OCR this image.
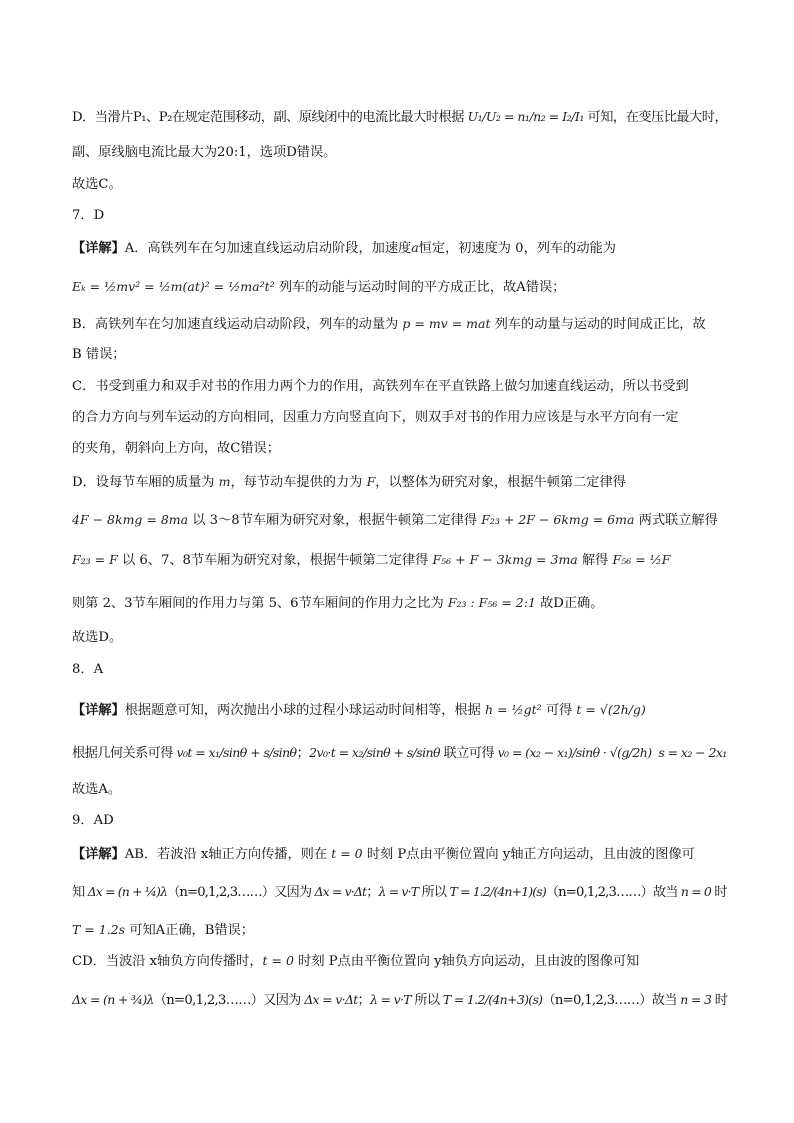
D．当滑片P₁、P₂在规定范围移动，副、原线闭中的电流比最大时根据 U₁/U₂ = n₁/n₂ = I₂/I₁ 可知，在变压比最大时，
副、原线脑电流比最大为20:1，选项D错误。
故选C。
7．D
【详解】A．高铁列车在匀加速直线运动启动阶段，加速度a恒定，初速度为 0，列车的动能为
Eₖ = ½mv² = ½m(at)² = ½ma²t² 列车的动能与运动时间的平方成正比，故A错误；
B．高铁列车在匀加速直线运动启动阶段，列车的动量为 p = mv = mat 列车的动量与运动的时间成正比，故
B 错误；
C．书受到重力和双手对书的作用力两个力的作用，高铁列车在平直铁路上做匀加速直线运动，所以书受到
的合力方向与列车运动的方向相同，因重力方向竖直向下，则双手对书的作用力应该是与水平方向有一定
的夹角，朝斜向上方向，故C错误；
D．设每节车厢的质量为 m，每节动车提供的力为 F，以整体为研究对象，根据牛顿第二定律得
4F − 8kmg = 8ma 以 3～8节车厢为研究对象，根据牛顿第二定律得 F₂₃ + 2F − 6kmg = 6ma 两式联立解得
F₂₃ = F 以 6、7、8节车厢为研究对象，根据牛顿第二定律得 F₅₆ + F − 3kmg = 3ma 解得 F₅₆ = ½F
则第 2、3节车厢间的作用力与第 5、6节车厢间的作用力之比为 F₂₃ : F₅₆ = 2:1 故D正确。
故选D。
8．A
【详解】根据题意可知，两次抛出小球的过程小球运动时间相等，根据 h = ½gt² 可得 t = √(2h/g)
根据几何关系可得 v₀t = x₁/sinθ + s/sinθ；2v₀·t = x₂/sinθ + s/sinθ 联立可得 v₀ = (x₂ − x₁)/sinθ · √(g/2h)  s = x₂ − 2x₁
故选A。
9．AD
【详解】AB．若波沿 x轴正方向传播，则在 t = 0 时刻 P点由平衡位置向 y轴正方向运动，且由波的图像可
知 Δx = (n + ¼)λ（n=0,1,2,3……）又因为 Δx = v·Δt；λ = v·T 所以 T = 1.2/(4n+1)(s)（n=0,1,2,3……）故当 n = 0 时
T = 1.2s 可知A正确，B错误；
CD．当波沿 x轴负方向传播时，t = 0 时刻 P点由平衡位置向 y轴负方向运动，且由波的图像可知
Δx = (n + ¾)λ（n=0,1,2,3……）又因为 Δx = v·Δt；λ = v·T 所以 T = 1.2/(4n+3)(s)（n=0,1,2,3……）故当 n = 3 时
